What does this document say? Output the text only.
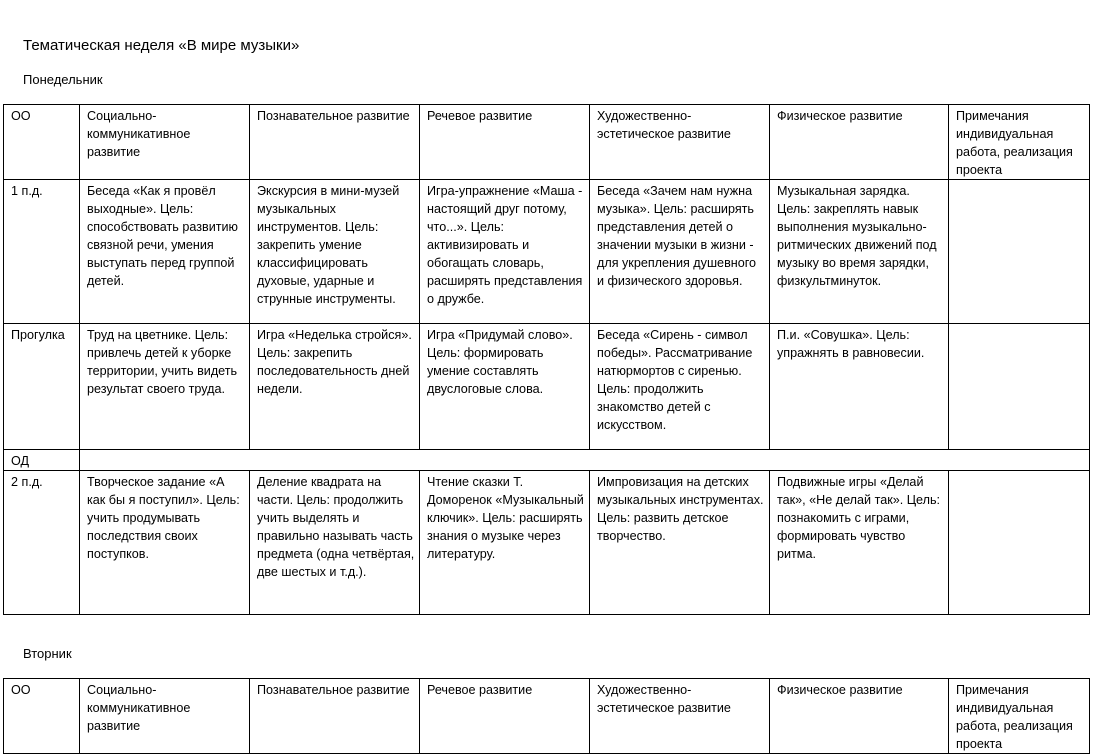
Тематическая неделя «В мире музыки»
Понедельник
ОО	Социально-коммуникативное развитие	Познавательное развитие	Речевое развитие	Художественно-эстетическое развитие	Физическое развитие	Примечания индивидуальная работа, реализация проекта
1 п.д.	Беседа «Как я провёл выходные». Цель: способствовать развитию связной речи, умения выступать перед группой детей.	Экскурсия в мини-музей музыкальных инструментов. Цель: закрепить умение классифицировать духовые, ударные и струнные инструменты.	Игра-упражнение «Маша - настоящий друг потому, что...». Цель: активизировать и обогащать словарь, расширять представления о дружбе.	Беседа «Зачем нам нужна музыка». Цель: расширять представления детей о значении музыки в жизни - для укрепления душевного и физического здоровья.	Музыкальная зарядка. Цель: закреплять навык выполнения музыкально-ритмических движений под музыку во время зарядки, физкультминуток.	
Прогулка	Труд на цветнике. Цель: привлечь детей к уборке территории, учить видеть результат своего труда.	Игра «Неделька стройся». Цель: закрепить последовательность дней недели.	Игра «Придумай слово». Цель: формировать умение составлять двуслоговые слова.	Беседа «Сирень - символ победы». Рассматривание натюрмортов с сиренью. Цель: продолжить знакомство детей с искусством.	П.и. «Совушка». Цель: упражнять в равновесии.	
ОД						
2 п.д.	Творческое задание «А как бы я поступил». Цель: учить продумывать последствия своих поступков.	Деление квадрата на части. Цель: продолжить учить выделять и правильно называть часть предмета (одна четвёртая, две шестых и т.д.).	Чтение сказки Т. Доморенок «Музыкальный ключик». Цель: расширять знания о музыке через литературу.	Импровизация на детских музыкальных инструментах. Цель: развить детское творчество.	Подвижные игры «Делай так», «Не делай так». Цель: познакомить с играми, формировать чувство ритма.	
Вторник
ОО	Социально-коммуникативное развитие	Познавательное развитие	Речевое развитие	Художественно-эстетическое развитие	Физическое развитие	Примечания индивидуальная работа, реализация проекта
